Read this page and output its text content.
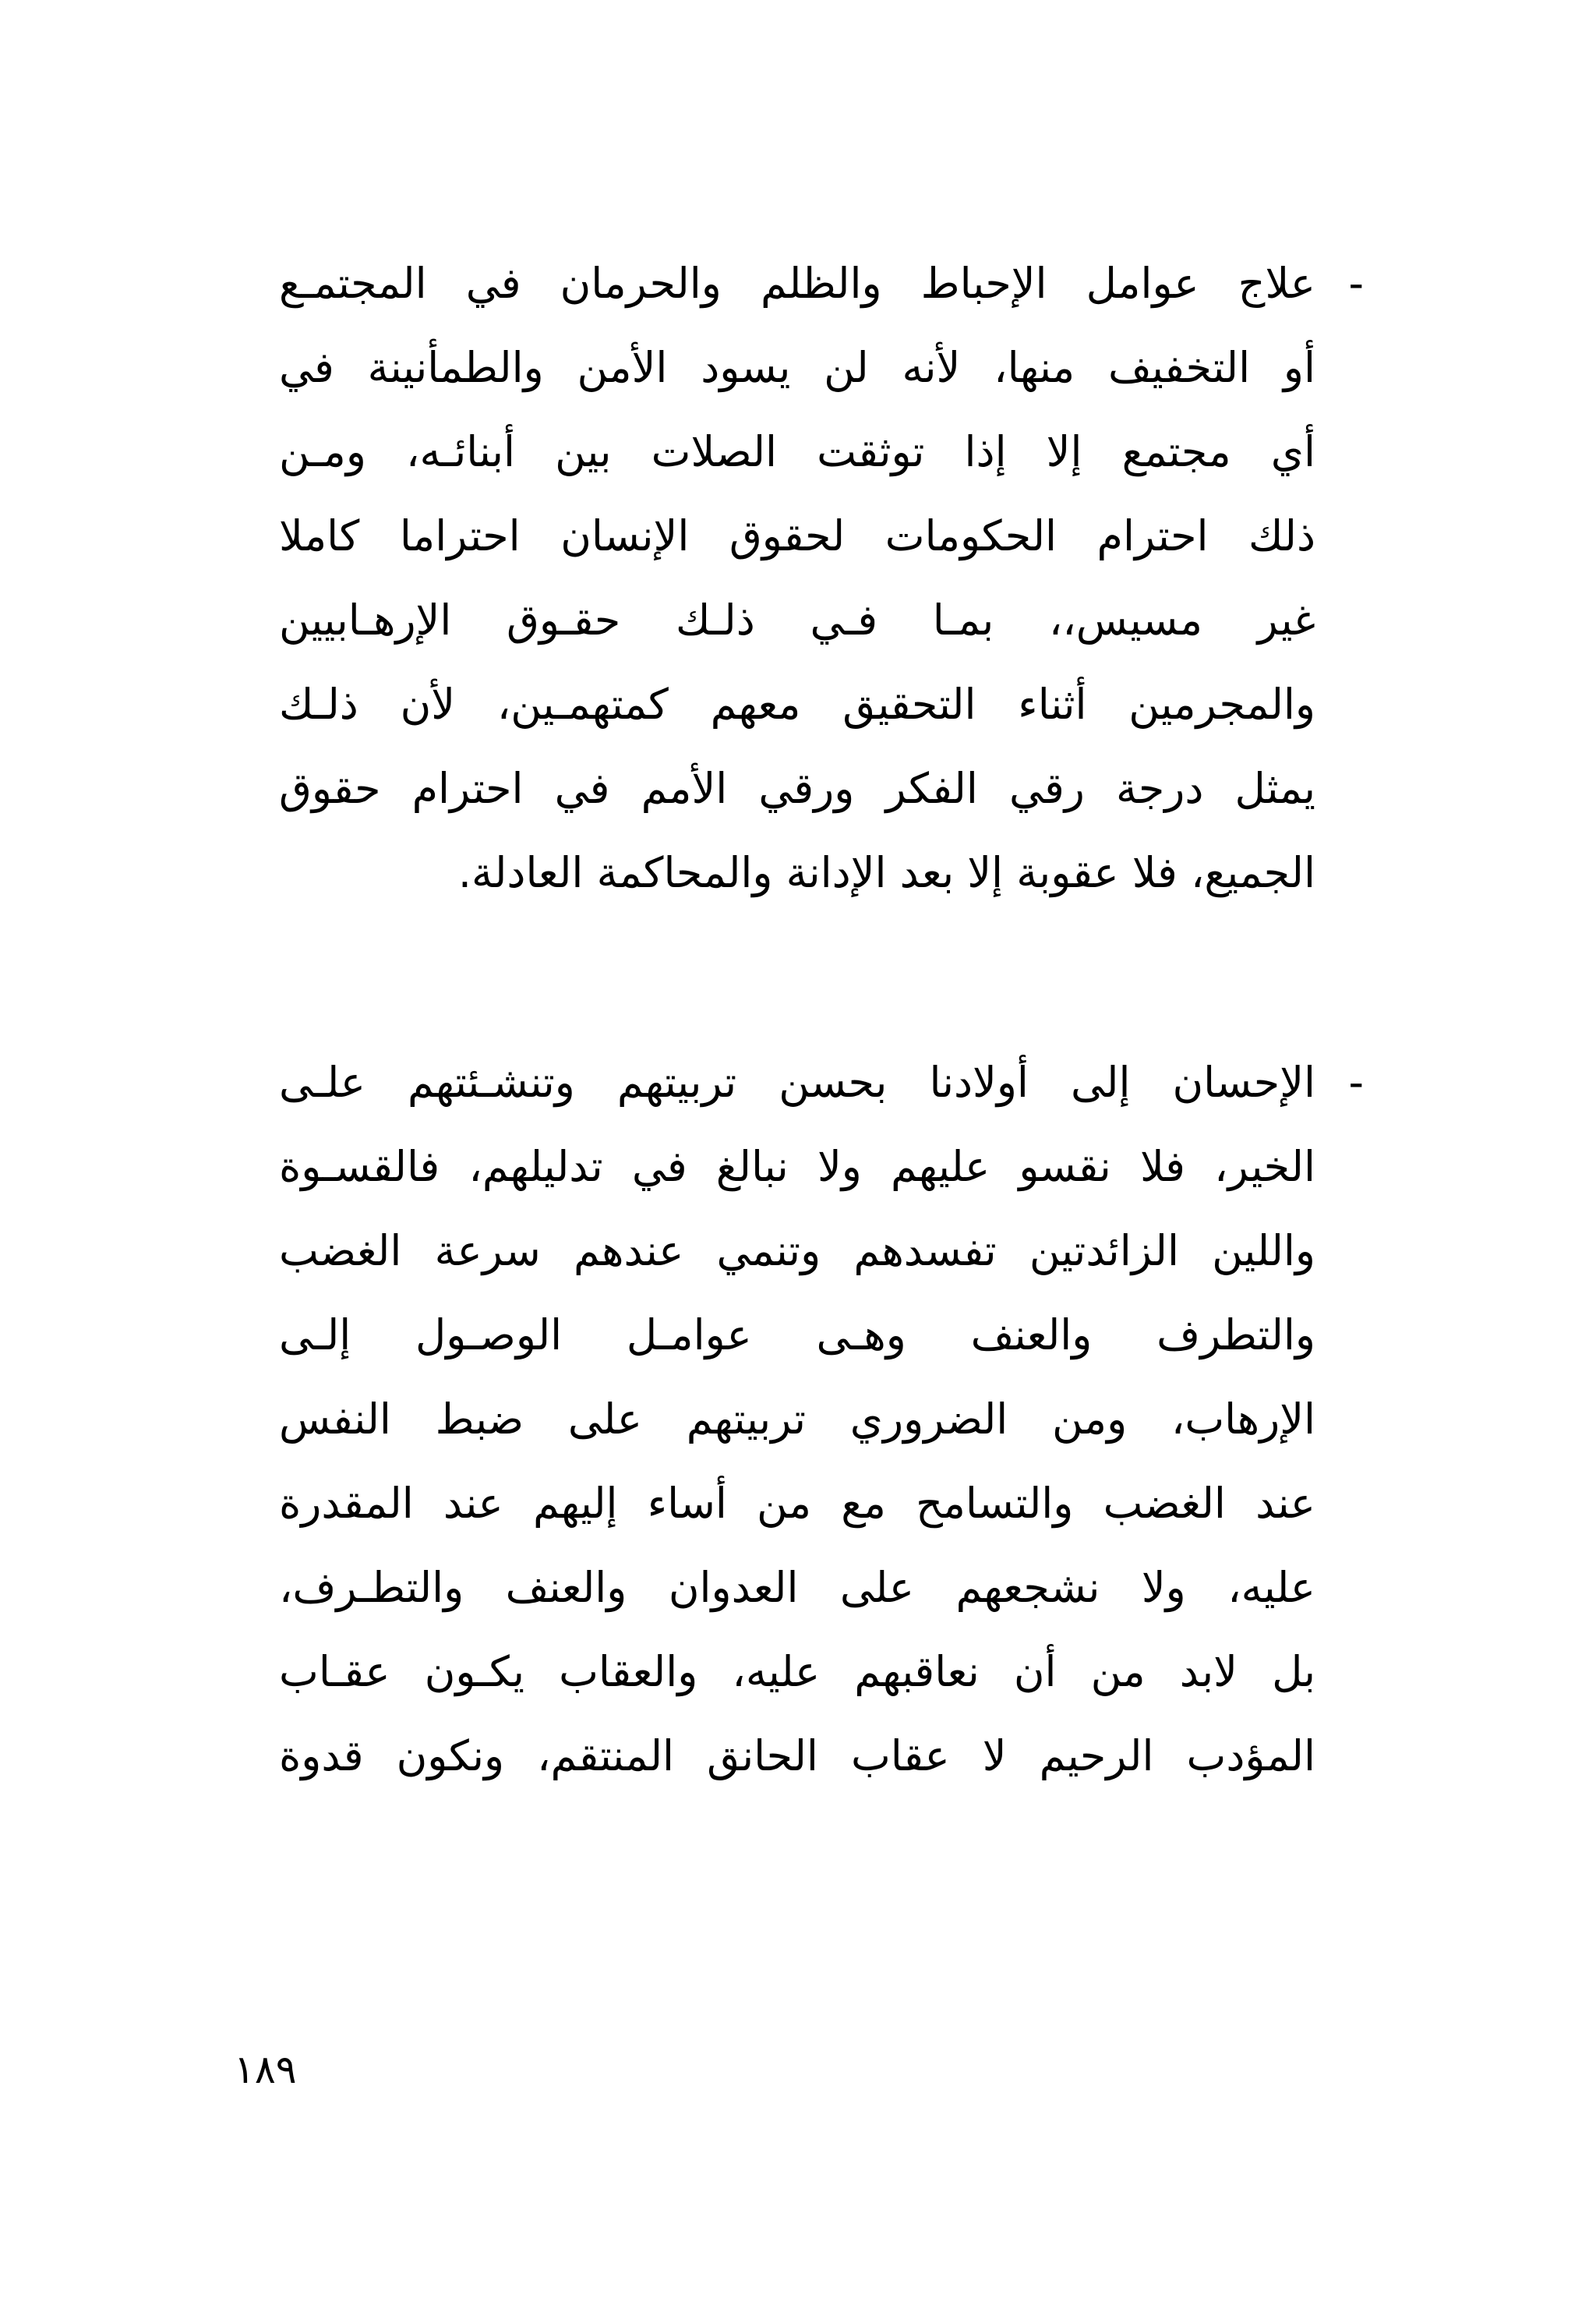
-
علاج عوامل الإحباط والظلم والحرمان في المجتمـع
أو التخفيف منها، لأنه لن يسود الأمن والطمأنينة في
أي مجتمع إلا إذا توثقت الصلات بين أبنائـه، ومـن
ذلك احترام الحكومات لحقوق الإنسان احتراما كاملا
غير مسيس،، بمـا فـي ذلـك حقـوق الإرهـابيين
والمجرمين أثناء التحقيق معهم كمتهمـين، لأن ذلـك
يمثل درجة رقي الفكر ورقي الأمم في احترام حقوق
الجميع، فلا عقوبة إلا بعد الإدانة والمحاكمة العادلة.
-
الإحسان إلى أولادنا بحسن تربيتهم وتنشـئتهم علـى
الخير، فلا نقسو عليهم ولا نبالغ في تدليلهم، فالقسـوة
واللين الزائدتين تفسدهم وتنمي عندهم سرعة الغضب
والتطرف والعنف وهـى عوامـل الوصـول إلـى
الإرهاب، ومن الضروري تربيتهم على ضبط النفس
عند الغضب والتسامح مع من أساء إليهم عند المقدرة
عليه، ولا نشجعهم على العدوان والعنف والتطـرف،
بل لابد من أن نعاقبهم عليه، والعقاب يكـون عقـاب
المؤدب الرحيم لا عقاب الحانق المنتقم، ونكون قدوة
١٨٩
